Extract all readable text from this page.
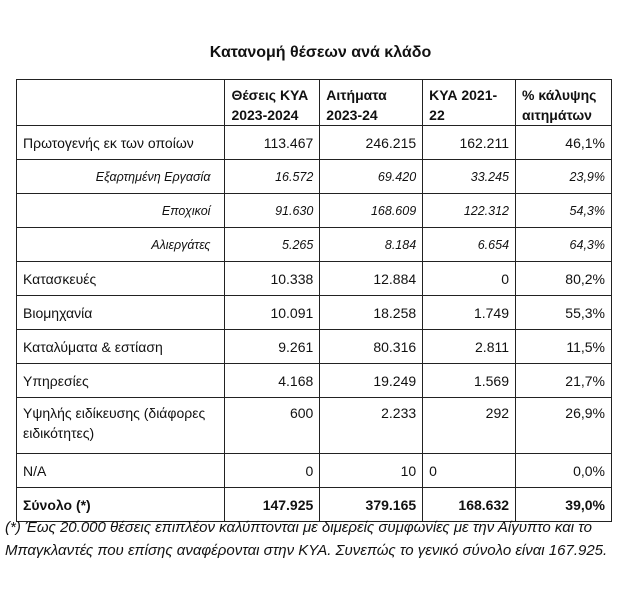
Κατανομή θέσεων ανά κλάδο
	Θέσεις ΚΥΑ 2023-2024	Αιτήματα 2023-24	ΚΥΑ 2021-22	% κάλυψης αιτημάτων
Πρωτογενής εκ των οποίων	113.467	246.215	162.211	46,1%
Εξαρτημένη Εργασία	16.572	69.420	33.245	23,9%
Εποχικοί	91.630	168.609	122.312	54,3%
Αλιεργάτες	5.265	8.184	6.654	64,3%
Κατασκευές	10.338	12.884	0	80,2%
Βιομηχανία	10.091	18.258	1.749	55,3%
Καταλύματα & εστίαση	9.261	80.316	2.811	11,5%
Υπηρεσίες	4.168	19.249	1.569	21,7%
Υψηλής ειδίκευσης (διάφορες ειδικότητες)	600	2.233	292	26,9%
N/A	0	10	0	0,0%
Σύνολο (*)	147.925	379.165	168.632	39,0%
(*) Έως 20.000 θέσεις επιπλέον καλύπτονται με διμερείς συμφωνίες με την Αίγυπτο και το Μπαγκλαντές που επίσης αναφέρονται στην ΚΥΑ. Συνεπώς το γενικό σύνολο είναι 167.925.
